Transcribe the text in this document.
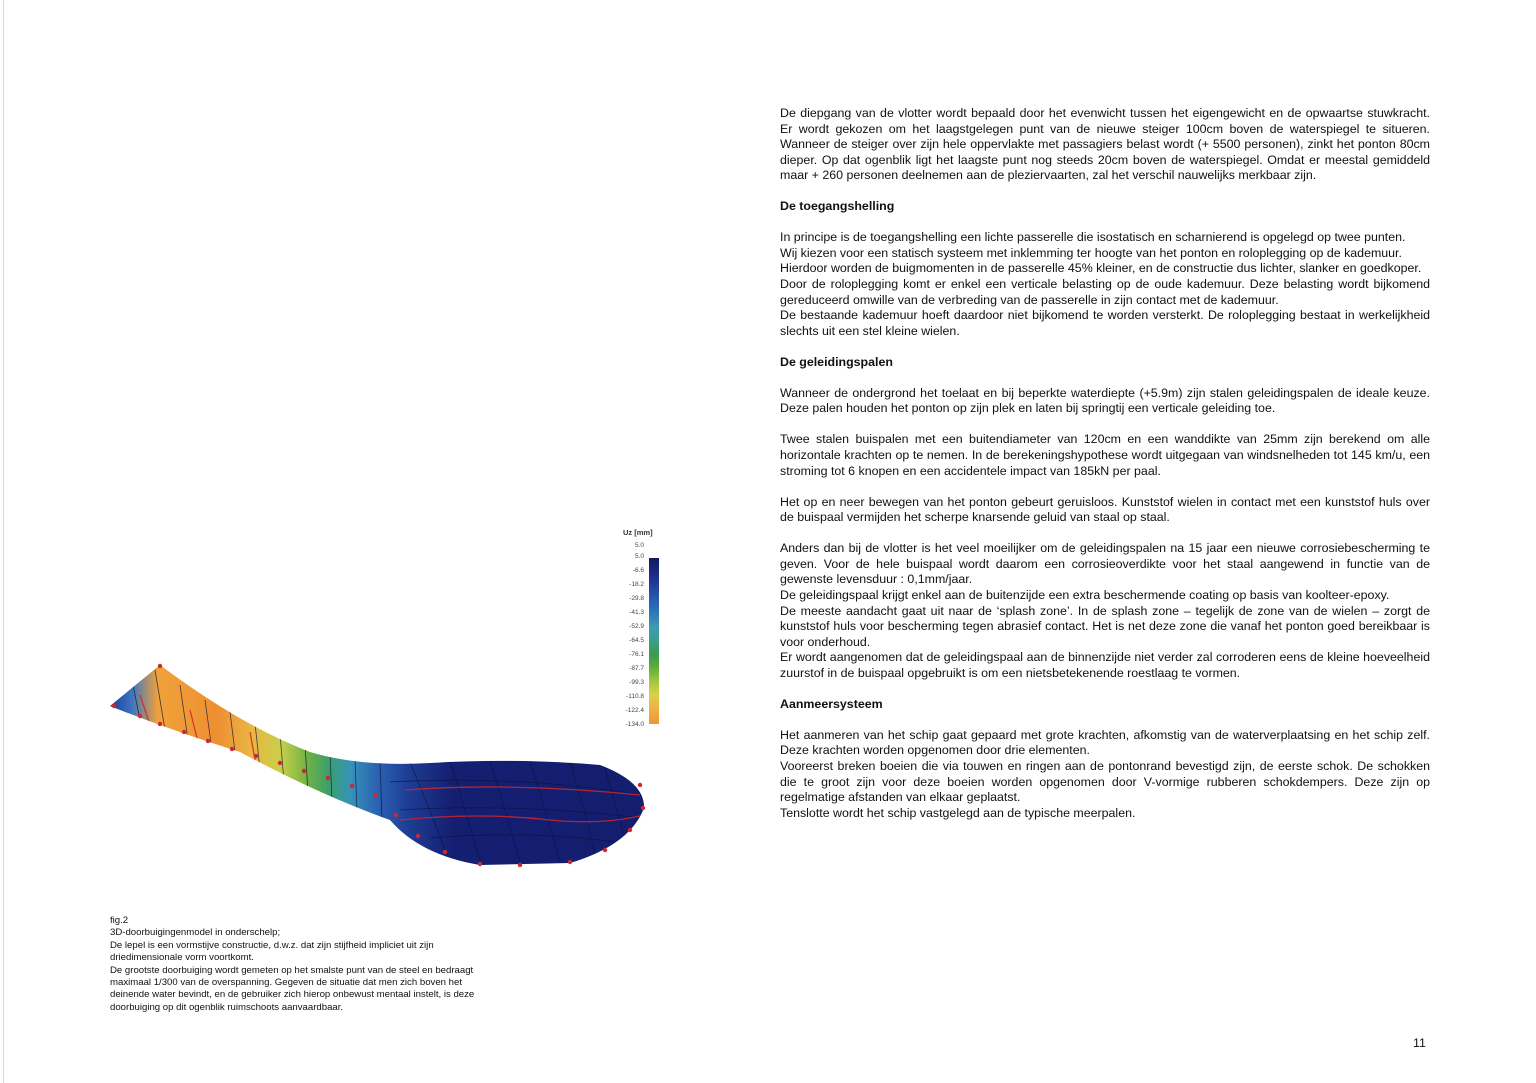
De diepgang van de vlotter wordt bepaald door het evenwicht tussen het eigengewicht en de opwaartse stuwkracht. Er wordt gekozen om het laagstgelegen punt van de nieuwe steiger 100cm boven de waterspiegel te situeren. Wanneer de steiger over zijn hele oppervlakte met passagiers belast wordt (+ 5500 personen), zinkt het ponton 80cm dieper. Op dat ogenblik ligt het laagste punt nog steeds 20cm boven de waterspiegel. Omdat er meestal gemiddeld maar + 260 personen deelnemen aan de pleziervaarten, zal het verschil nauwelijks merkbaar zijn.

De toegangshelling

In principe is de toegangshelling een lichte passerelle die isostatisch en scharnierend is opgelegd op twee punten.

Wij kiezen voor een statisch systeem met inklemming ter hoogte van het ponton en roloplegging op de kademuur.

Hierdoor worden de buigmomenten in de passerelle 45% kleiner, en de constructie dus lichter, slanker en goedkoper.

Door de roloplegging komt er enkel een verticale belasting op de oude kademuur. Deze belasting wordt bijkomend gereduceerd omwille van de verbreding van de passerelle in zijn contact met de kademuur.

De bestaande kademuur hoeft daardoor niet bijkomend te worden versterkt. De roloplegging bestaat in werkelijkheid slechts uit een stel kleine wielen.

De geleidingspalen

Wanneer de ondergrond het toelaat en bij beperkte waterdiepte (+5.9m) zijn stalen geleidingspalen de ideale keuze. Deze palen houden het ponton op zijn plek en laten bij springtij een verticale geleiding toe.

Twee stalen buispalen met een buitendiameter van 120cm en een wanddikte van 25mm zijn berekend om alle horizontale krachten op te nemen. In de berekeningshypothese wordt uitgegaan van windsnelheden tot 145 km/u, een stroming tot 6 knopen en een accidentele impact van 185kN per paal.

Het op en neer bewegen van het ponton gebeurt geruisloos. Kunststof wielen in contact met een kunststof huls over de buispaal vermijden het scherpe knarsende geluid van staal op staal.

Anders dan bij de vlotter is het veel moeilijker om de geleidingspalen na 15 jaar een nieuwe corrosiebescherming te geven. Voor de hele buispaal wordt daarom een corrosieoverdikte voor het staal aangewend in functie van de gewenste levensduur : 0,1mm/jaar.

De geleidingspaal krijgt enkel aan de buitenzijde een extra beschermende coating op basis van koolteer-epoxy.

De meeste aandacht gaat uit naar de ‘splash zone’. In de splash zone – tegelijk de zone van de wielen – zorgt de kunststof huls voor bescherming tegen abrasief contact. Het is net deze zone die vanaf het ponton goed bereikbaar is voor onderhoud.

Er wordt aangenomen dat de geleidingspaal aan de binnenzijde niet verder zal corroderen eens de kleine hoeveelheid zuurstof in de buispaal opgebruikt is om een nietsbetekenende roestlaag te vormen.

Aanmeersysteem

Het aanmeren van het schip gaat gepaard met grote krachten, afkomstig van de waterverplaatsing en het schip zelf. Deze krachten worden opgenomen door drie elementen.

Vooreerst breken boeien die via touwen en ringen aan de pontonrand bevestigd zijn, de eerste schok. De schokken die te groot zijn voor deze boeien worden opgenomen door V-vormige rubberen schokdempers. Deze zijn op regelmatige afstanden van elkaar geplaatst.

Tenslotte wordt het schip vastgelegd aan de typische meerpalen.

Uz [mm]
5.0
5.0
-6.6
-18.2
-29.8
-41.3
-52.9
-64.5
-76.1
-87.7
-99.3
-110.8
-122.4
-134.0

fig.2

3D-doorbuigingenmodel in onderschelp;

De lepel is een vormstijve constructie, d.w.z. dat zijn stijfheid impliciet uit zijn driedimensionale vorm voortkomt.

De grootste doorbuiging wordt gemeten op het smalste punt van de steel en bedraagt maximaal 1/300 van de overspanning. Gegeven de situatie dat men zich boven het deinende water bevindt, en de gebruiker zich hierop onbewust mentaal instelt, is deze doorbuiging op dit ogenblik ruimschoots aanvaardbaar.

11
